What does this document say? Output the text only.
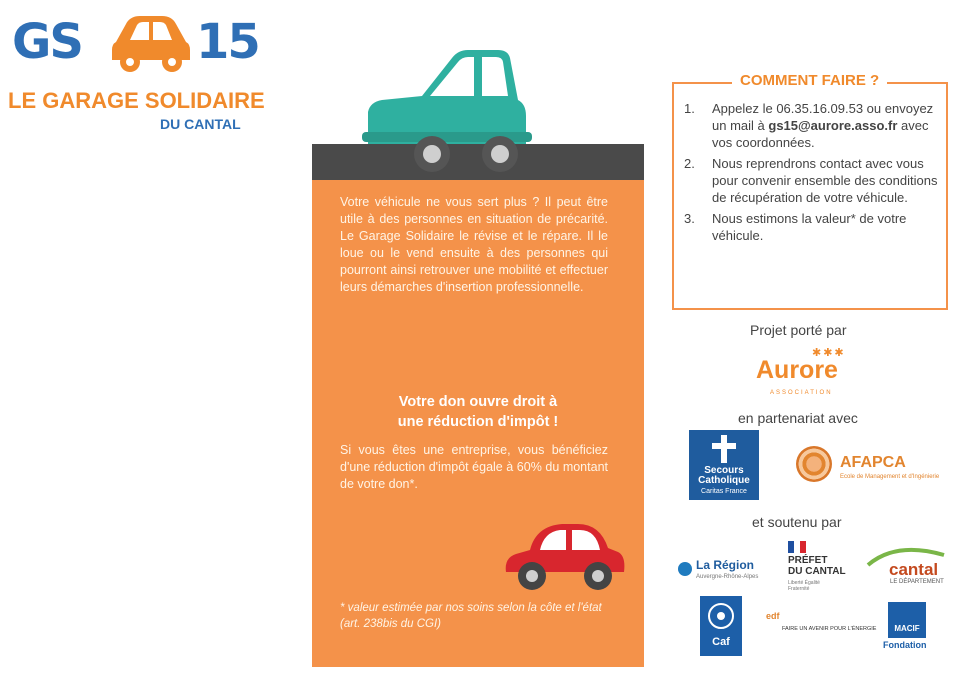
GS 15
LE GARAGE SOLIDAIRE
DU CANTAL
Votre véhicule ne vous sert plus ? Il peut être utile à des personnes en situation de précarité. Le Garage Solidaire le révise et le répare. Il le loue ou le vend ensuite à des personnes qui pourront ainsi retrouver une mobilité et effectuer leurs démarches d'insertion professionnelle.
Votre don ouvre droit à
une réduction d'impôt !
Si vous êtes une entreprise, vous bénéficiez d'une réduction d'impôt égale à 60% du montant de votre don*.
* valeur estimée par nos soins selon la côte et l'état (art. 238bis du CGI)
COMMENT FAIRE ?
1.	Appelez le 06.35.16.09.53 ou envoyez un mail à gs15@aurore.asso.fr avec vos coordonnées.
2.	Nous reprendrons contact avec vous pour convenir ensemble des conditions de récupération de votre véhicule.
3.	Nous estimons la valeur* de votre véhicule.
Projet porté par
✱✱✱
Aurore
ASSOCIATION
en partenariat avec
Secours
Catholique
Caritas France
AFAPCA
Ecole de Management et d'Ingénierie
et soutenu par
La Région
Auvergne-Rhône-Alpes
PRÉFET
DU CANTAL
Liberté Égalité Fraternité
cantal
LE DÉPARTEMENT
Caf
edf
FAIRE UN AVENIR POUR L'ÉNERGIE	MACIF
Fondation
